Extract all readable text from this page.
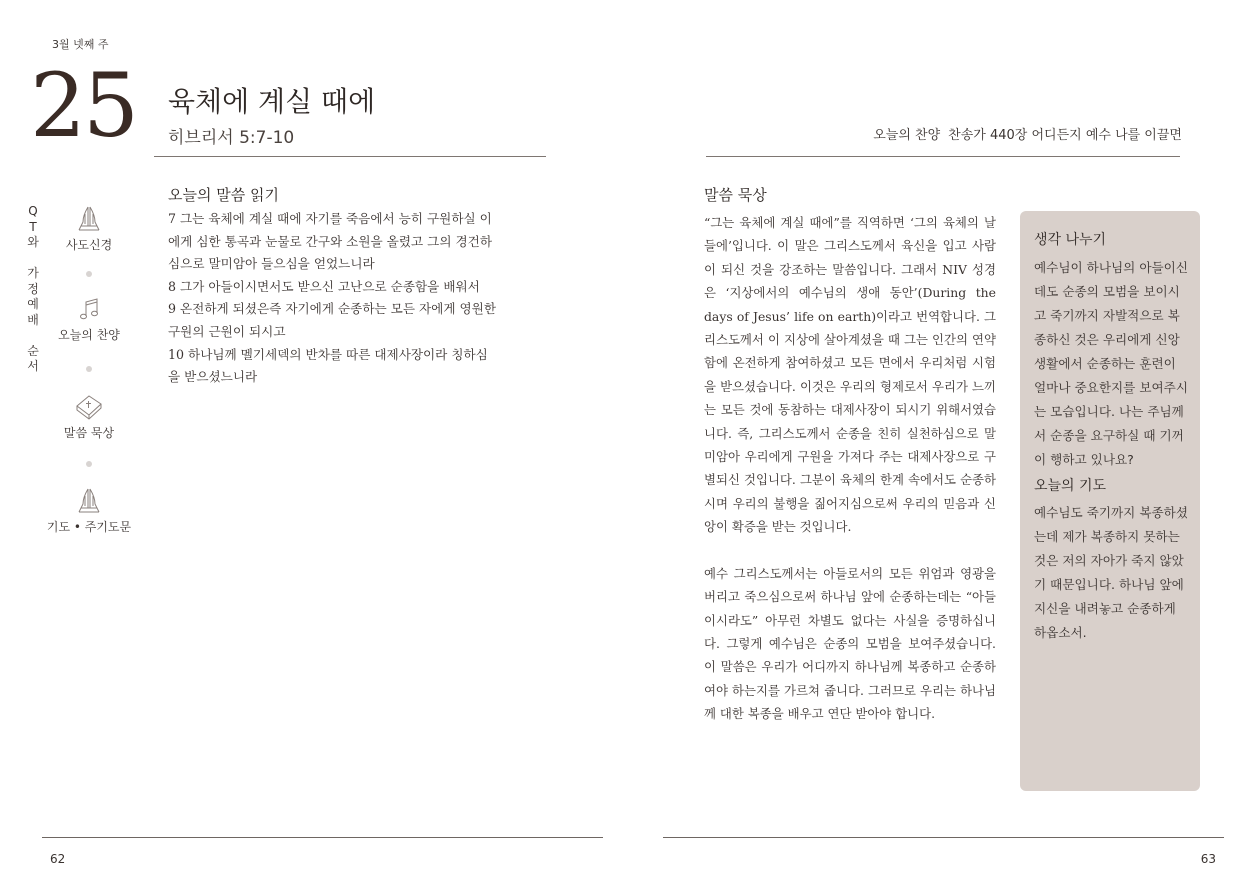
3월 넷째 주
25 육체에 계실 때에
히브리서 5:7-10	오늘의 찬양 찬송가 440장 어디든지 예수 나를 이끌면
Q
T
와

가
정
예
배

순
서
사도신경
오늘의 찬양
말씀 묵상
기도 • 주기도문
오늘의 말씀 읽기

7 그는 육체에 계실 때에 자기를 죽음에서 능히 구원하실 이

에게 심한 통곡과 눈물로 간구와 소원을 올렸고 그의 경건하

심으로 말미암아 들으심을 얻었느니라

8 그가 아들이시면서도 받으신 고난으로 순종함을 배워서

9 온전하게 되셨은즉 자기에게 순종하는 모든 자에게 영원한

구원의 근원이 되시고

10 하나님께 멜기세덱의 반차를 따른 대제사장이라 칭하심

을 받으셨느니라

말씀 묵상

“그는 육체에 계실 때에”를 직역하면 ‘그의 육체의 날들에’입니다. 이 말은 그리스도께서 육신을 입고 사람이 되신 것을 강조하는 말씀입니다. 그래서 NIV 성경은 ‘지상에서의 예수님의 생애 동안’(During the days of Jesus’ life on earth)이라고 번역합니다. 그리스도께서 이 지상에 살아계셨을 때 그는 인간의 연약함에 온전하게 참여하셨고 모든 면에서 우리처럼 시험을 받으셨습니다. 이것은 우리의 형제로서 우리가 느끼는 모든 것에 동참하는 대제사장이 되시기 위해서였습니다. 즉, 그리스도께서 순종을 친히 실천하심으로 말미암아 우리에게 구원을 가져다 주는 대제사장으로 구별되신 것입니다. 그분이 육체의 한계 속에서도 순종하시며 우리의 불행을 짊어지심으로써 우리의 믿음과 신앙이 확증을 받는 것입니다.

예수 그리스도께서는 아들로서의 모든 위엄과 영광을 버리고 죽으심으로써 하나님 앞에 순종하는데는 “아들이시라도” 아무런 차별도 없다는 사실을 증명하십니다. 그렇게 예수님은 순종의 모범을 보여주셨습니다. 이 말씀은 우리가 어디까지 하나님께 복종하고 순종하여야 하는지를 가르쳐 줍니다. 그러므로 우리는 하나님께 대한 복종을 배우고 연단 받아야 합니다.

생각 나누기
예수님이 하나님의 아들이신
데도 순종의 모범을 보이시
고 죽기까지 자발적으로 복
종하신 것은 우리에게 신앙
생활에서 순종하는 훈련이
얼마나 중요한지를 보여주시
는 모습입니다. 나는 주님께
서 순종을 요구하실 때 기꺼
이 행하고 있나요?
오늘의 기도
예수님도 죽기까지 복종하셨
는데 제가 복종하지 못하는
것은 저의 자아가 죽지 않았
기 때문입니다. 하나님 앞에
지신을 내려놓고 순종하게
하옵소서.
62	63
